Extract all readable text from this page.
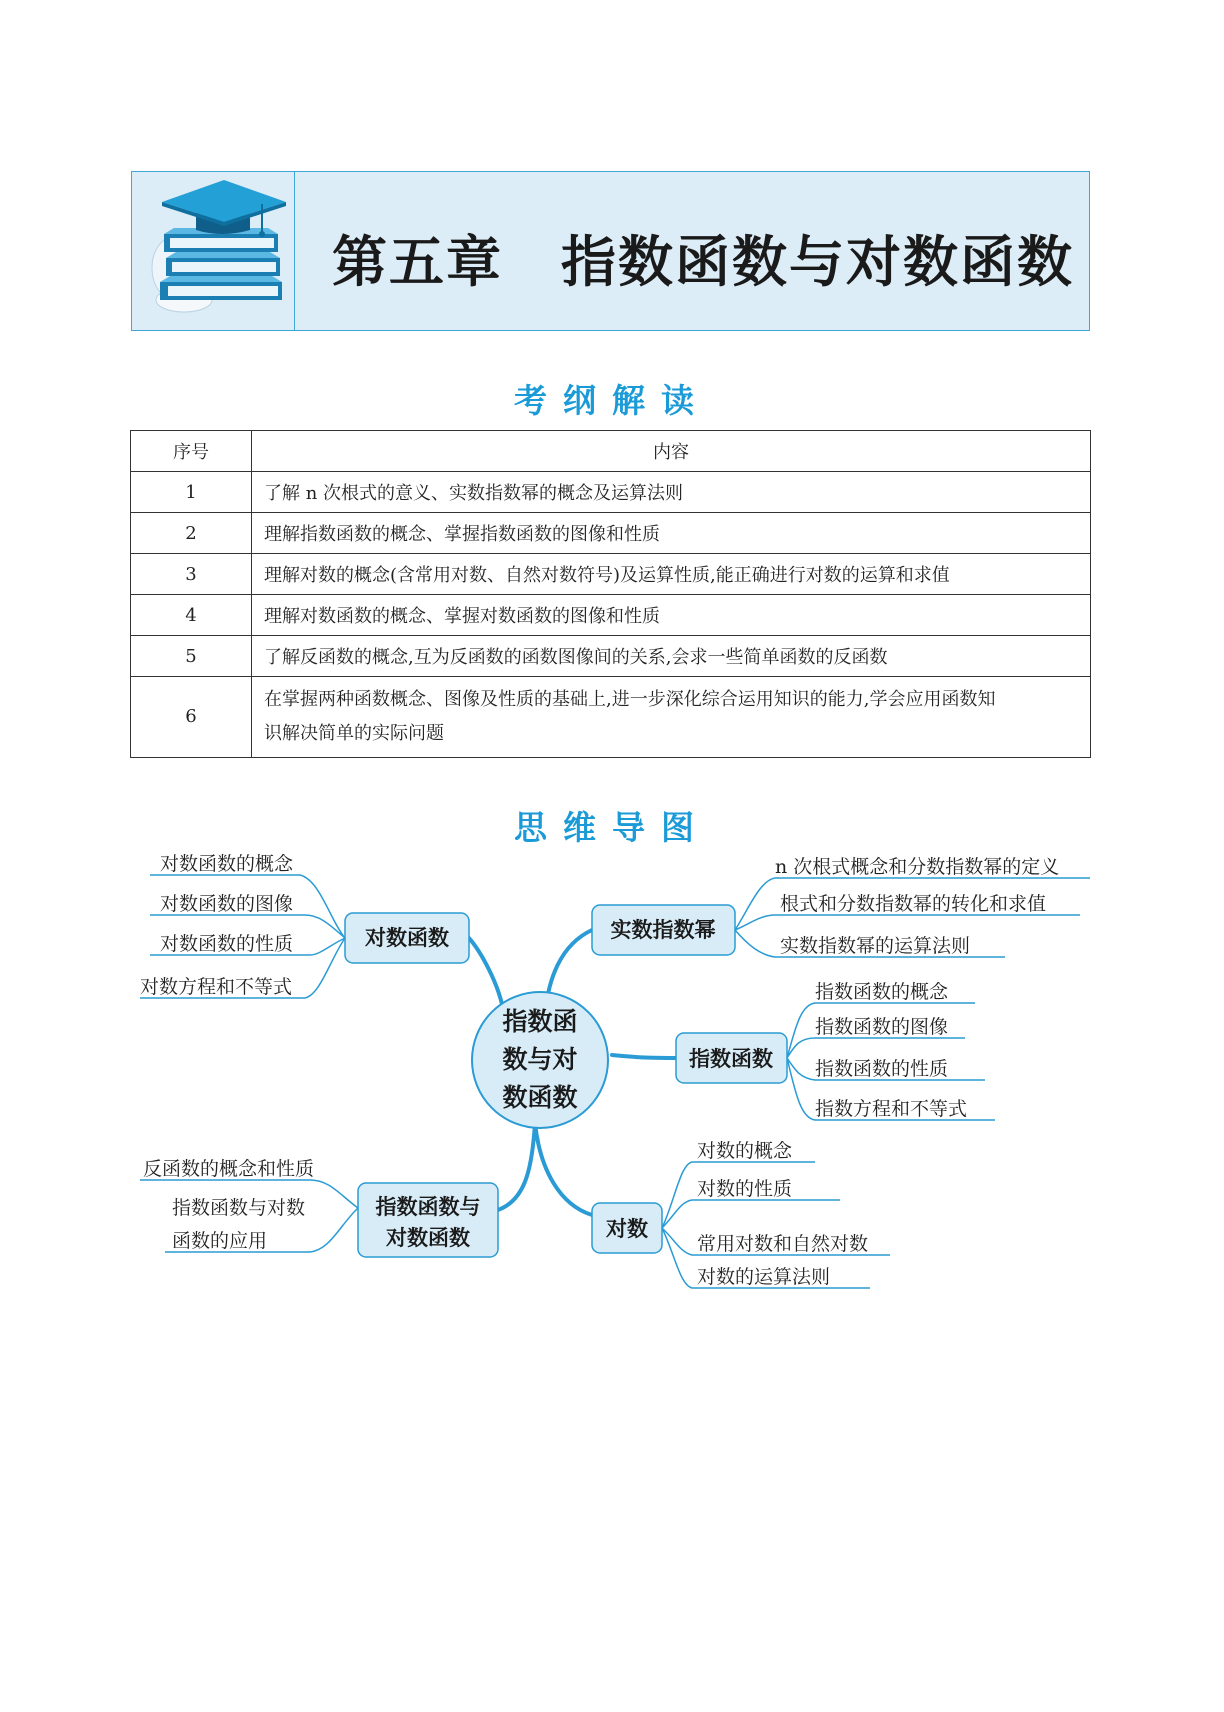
第五章 指数函数与对数函数
考纲解读
序号	内容
1	了解 n 次根式的意义、实数指数幂的概念及运算法则
2	理解指数函数的概念、掌握指数函数的图像和性质
3	理解对数的概念(含常用对数、自然对数符号)及运算性质,能正确进行对数的运算和求值
4	理解对数函数的概念、掌握对数函数的图像和性质
5	了解反函数的概念,互为反函数的函数图像间的关系,会求一些简单函数的反函数
6	在掌握两种函数概念、图像及性质的基础上,进一步深化综合运用知识的能力,学会应用函数知
识解决简单的实际问题
思维导图
指数函
数与对
数函数
对数函数
对数函数的概念
对数函数的图像
对数函数的性质
对数方程和不等式
实数指数幂
n 次根式概念和分数指数幂的定义
根式和分数指数幂的转化和求值
实数指数幂的运算法则
指数函数
指数函数的概念
指数函数的图像
指数函数的性质
指数方程和不等式
指数函数与
对数函数
反函数的概念和性质
指数函数与对数
函数的应用	对数
对数的概念
对数的性质
常用对数和自然对数
对数的运算法则
